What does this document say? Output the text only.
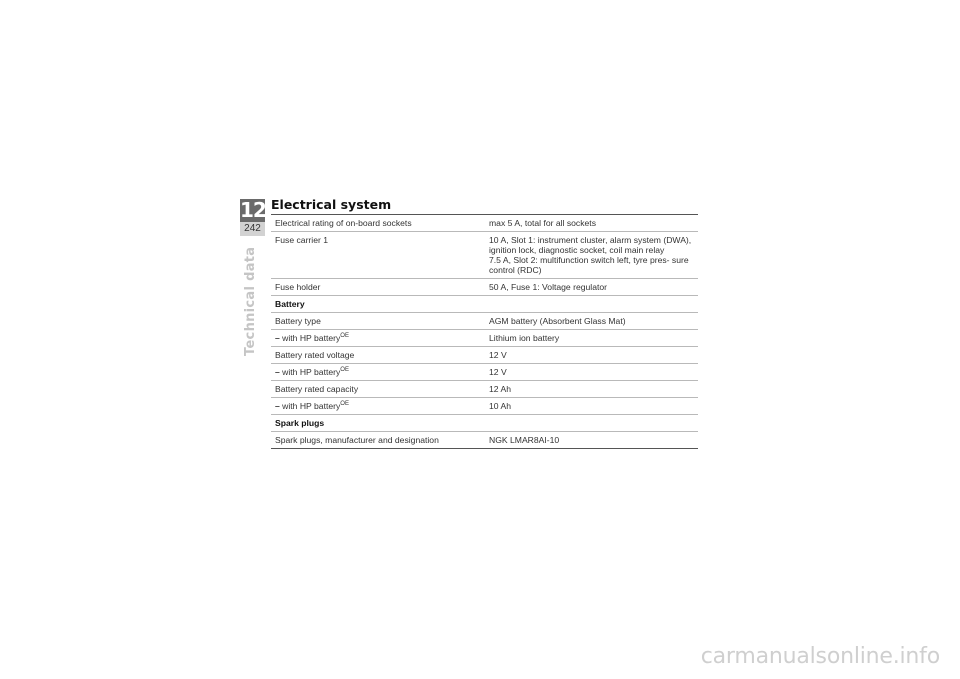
12
242
Technical data
Electrical system
Electrical rating of on-board sockets	max 5 A, total for all sockets
Fuse carrier 1	10 A, Slot 1: instrument cluster, alarm system (DWA), ignition lock, diagnostic socket, coil main relay
7.5 A, Slot 2: multifunction switch left, tyre pres- sure control (RDC)

Fuse holder	50 A, Fuse 1: Voltage regulator
Battery	
Battery type	AGM battery (Absorbent Glass Mat)
– with HP battery$^{OE}$	Lithium ion battery
Battery rated voltage	12 V
– with HP battery$^{OE}$	12 V
Battery rated capacity	12 Ah
– with HP battery$^{OE}$	10 Ah
Spark plugs	
Spark plugs, manufacturer and designation	NGK LMAR8AI-10
carmanualsonline.info
